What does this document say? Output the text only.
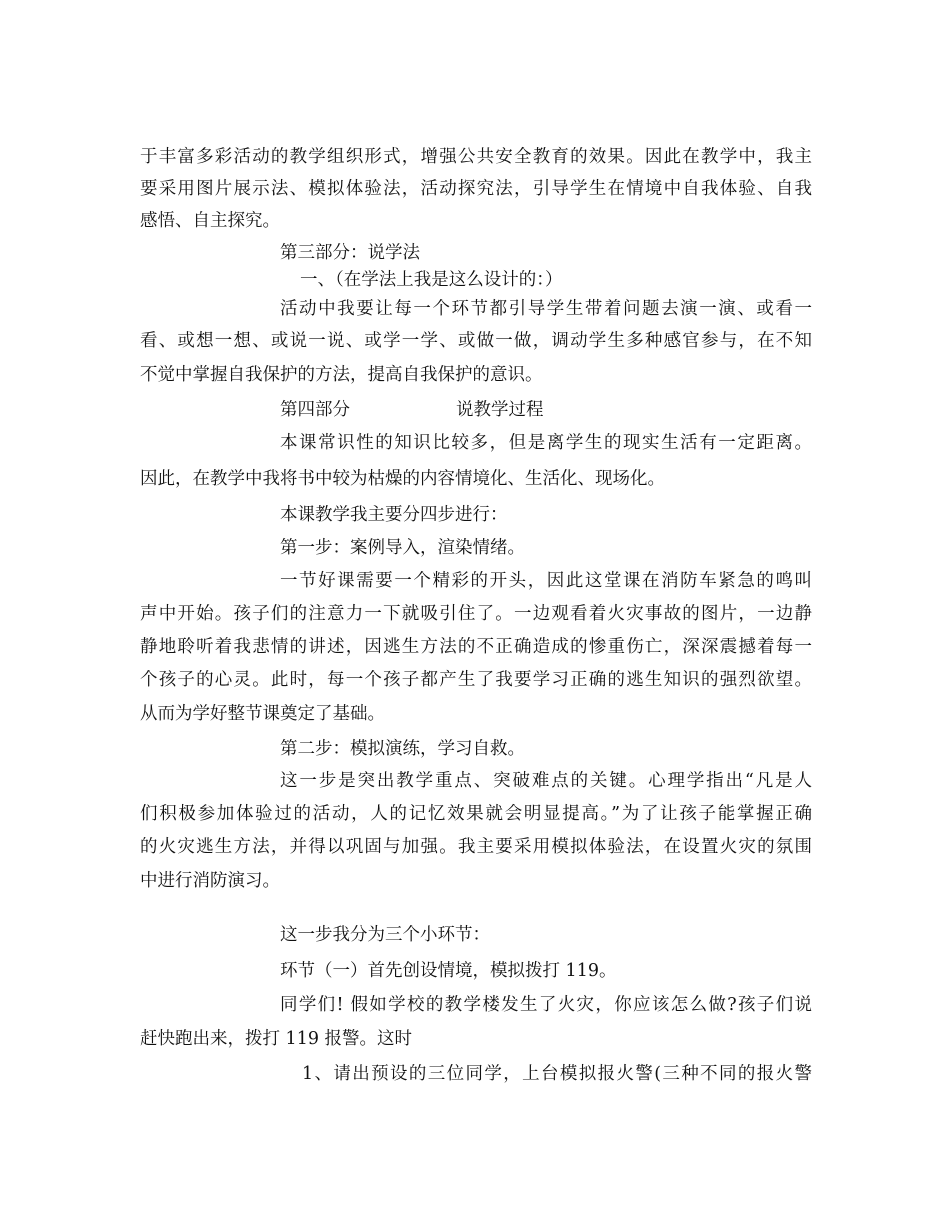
于丰富多彩活动的教学组织形式，增强公共安全教育的效果。因此在教学中，我主
要采用图片展示法、模拟体验法，活动探究法，引导学生在情境中自我体验、自我
感悟、自主探究。
第三部分：说学法
一、（在学法上我是这么设计的：）
活动中我要让每一个环节都引导学生带着问题去演一演、或看一
看、或想一想、或说一说、或学一学、或做一做，调动学生多种感官参与，在不知
不觉中掌握自我保护的方法，提高自我保护的意识。
第四部分	说教学过程
本课常识性的知识比较多，但是离学生的现实生活有一定距离。
因此，在教学中我将书中较为枯燥的内容情境化、生活化、现场化。
本课教学我主要分四步进行：
第一步：案例导入，渲染情绪。
一节好课需要一个精彩的开头，因此这堂课在消防车紧急的鸣叫
声中开始。孩子们的注意力一下就吸引住了。一边观看着火灾事故的图片，一边静
静地聆听着我悲情的讲述，因逃生方法的不正确造成的惨重伤亡，深深震撼着每一
个孩子的心灵。此时，每一个孩子都产生了我要学习正确的逃生知识的强烈欲望。
从而为学好整节课奠定了基础。
第二步：模拟演练，学习自救。
这一步是突出教学重点、突破难点的关键。心理学指出“凡是人
们积极参加体验过的活动，人的记忆效果就会明显提高。”为了让孩子能掌握正确
的火灾逃生方法，并得以巩固与加强。我主要采用模拟体验法，在设置火灾的氛围
中进行消防演习。
这一步我分为三个小环节：
环节（一）首先创设情境，模拟拨打 119。
同学们! 假如学校的教学楼发生了火灾，你应该怎么做?孩子们说
赶快跑出来，拨打 119 报警。这时
1、请出预设的三位同学，上台模拟报火警(三种不同的报火警
